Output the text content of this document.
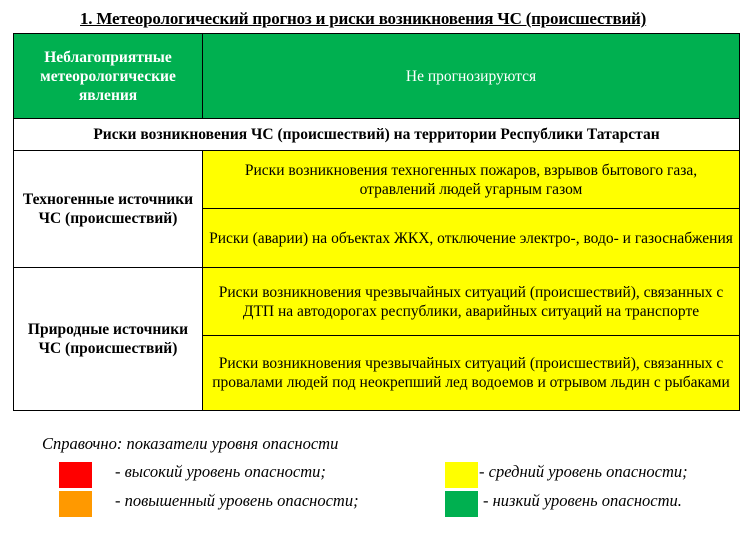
1. Метеорологический прогноз и риски возникновения ЧС (происшествий)
Неблагоприятные метеорологические явления	Не прогнозируются
Риски возникновения ЧС (происшествий) на территории Республики Татарстан	
Техногенные источники ЧС (происшествий)	Риски возникновения техногенных пожаров, взрывов бытового газа, отравлений людей угарным газом
	Риски (аварии) на объектах ЖКХ, отключение электро-, водо- и газоснабжения
Природные источники ЧС (происшествий)	Риски возникновения чрезвычайных ситуаций (происшествий), связанных с ДТП на автодорогах республики, аварийных ситуаций на транспорте
	Риски возникновения чрезвычайных ситуаций (происшествий), связанных с провалами людей под неокрепший лед водоемов и отрывом льдин с рыбаками
Справочно: показатели уровня опасности
- высокий уровень опасности;
- повышенный уровень опасности;
- средний уровень опасности;
- низкий уровень опасности.
